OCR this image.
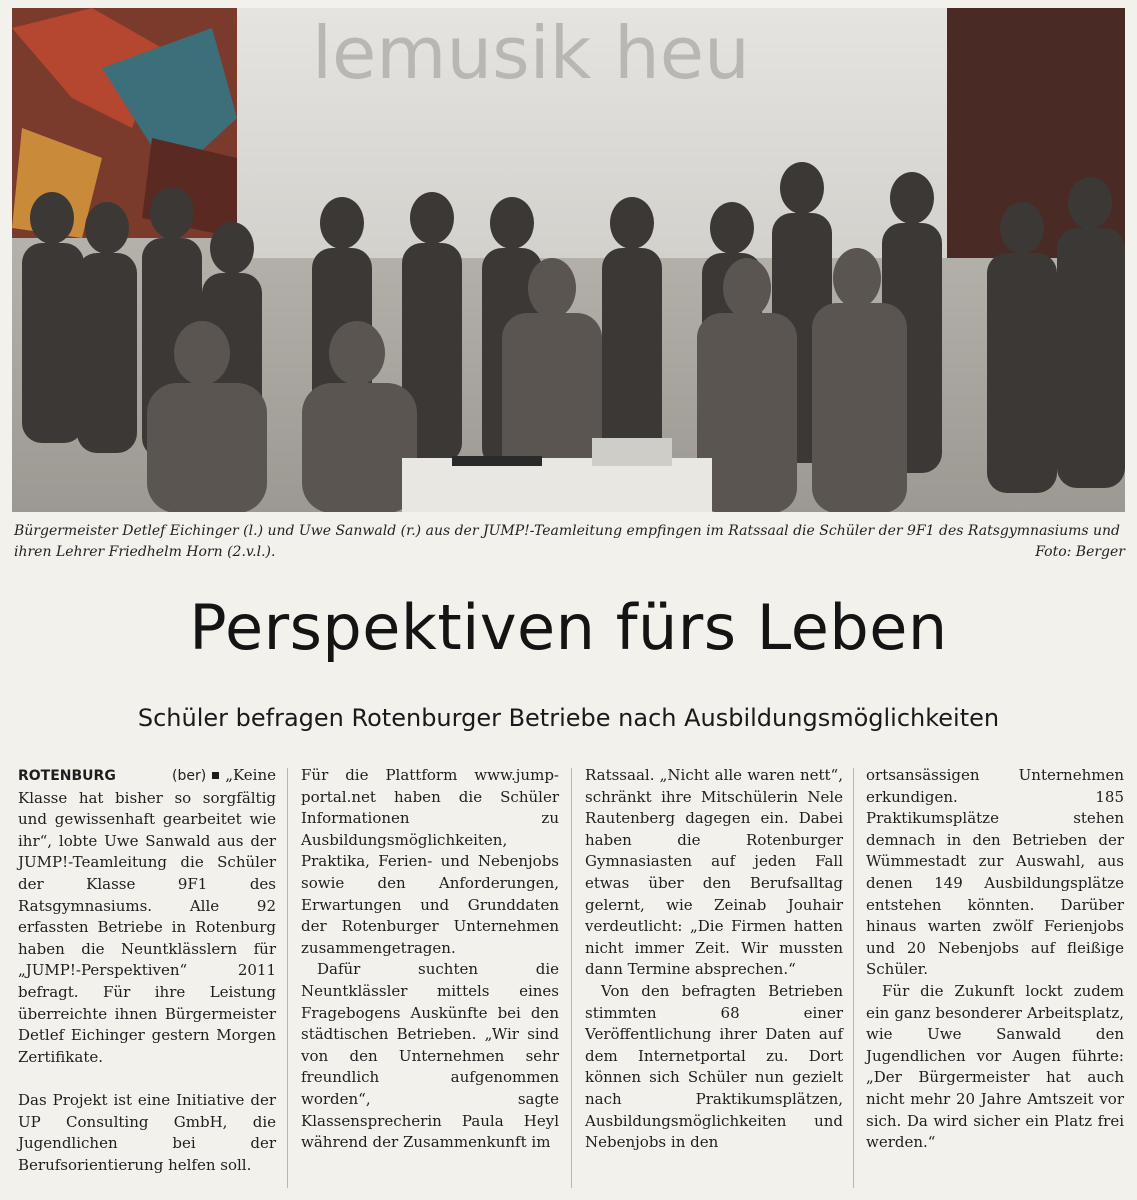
lemusik heu
Bürgermeister Detlef Eichinger (l.) und Uwe Sanwald (r.) aus der JUMP!-Teamleitung empfingen im Ratssaal die Schüler der 9F1 des Ratsgymnasiums und ihren Lehrer Friedhelm Horn (2.v.l.).	Foto: Berger
Perspektiven fürs Leben
Schüler befragen Rotenburger Betriebe nach Ausbildungsmöglichkeiten

ROTENBURG	(ber) „Keine Klasse hat bisher so sorgfältig und gewissenhaft gearbeitet wie ihr“, lobte Uwe Sanwald aus der JUMP!-Teamleitung die Schüler der Klasse 9F1 des Ratsgymnasiums. Alle 92 erfassten Betriebe in Rotenburg haben die Neuntklässlern für „JUMP!-Perspektiven“ 2011 befragt. Für ihre Leistung überreichte ihnen Bürgermeister Detlef Eichinger gestern Morgen Zertifikate.

Das Projekt ist eine Initiative der UP Consulting GmbH, die Jugendlichen bei der Berufsorientierung helfen soll.

Für die Plattform www.jump-portal.net haben die Schüler Informationen zu Ausbildungsmöglichkeiten, Praktika, Ferien- und Nebenjobs sowie den Anforderungen, Erwartungen und Grunddaten der Rotenburger Unternehmen zusammengetragen.

Dafür suchten die Neuntklässler mittels eines Fragebogens Auskünfte bei den städtischen Betrieben. „Wir sind von den Unternehmen sehr freundlich aufgenommen worden“, sagte Klassensprecherin Paula Heyl während der Zusammenkunft im

Ratssaal. „Nicht alle waren nett“, schränkt ihre Mitschülerin Nele Rautenberg dagegen ein. Dabei haben die Rotenburger Gymnasiasten auf jeden Fall etwas über den Berufsalltag gelernt, wie Zeinab Jouhair verdeutlicht: „Die Firmen hatten nicht immer Zeit. Wir mussten dann Termine absprechen.“

Von den befragten Betrieben stimmten 68 einer Veröffentlichung ihrer Daten auf dem Internetportal zu. Dort können sich Schüler nun gezielt nach Praktikumsplätzen, Ausbildungsmöglichkeiten und Nebenjobs in den

ortsansässigen Unternehmen erkundigen. 185 Praktikumsplätze stehen demnach in den Betrieben der Wümmestadt zur Auswahl, aus denen 149 Ausbildungsplätze entstehen könnten. Darüber hinaus warten zwölf Ferienjobs und 20 Nebenjobs auf fleißige Schüler.

Für die Zukunft lockt zudem ein ganz besonderer Arbeitsplatz, wie Uwe Sanwald den Jugendlichen vor Augen führte: „Der Bürgermeister hat auch nicht mehr 20 Jahre Amtszeit vor sich. Da wird sicher ein Platz frei werden.“
